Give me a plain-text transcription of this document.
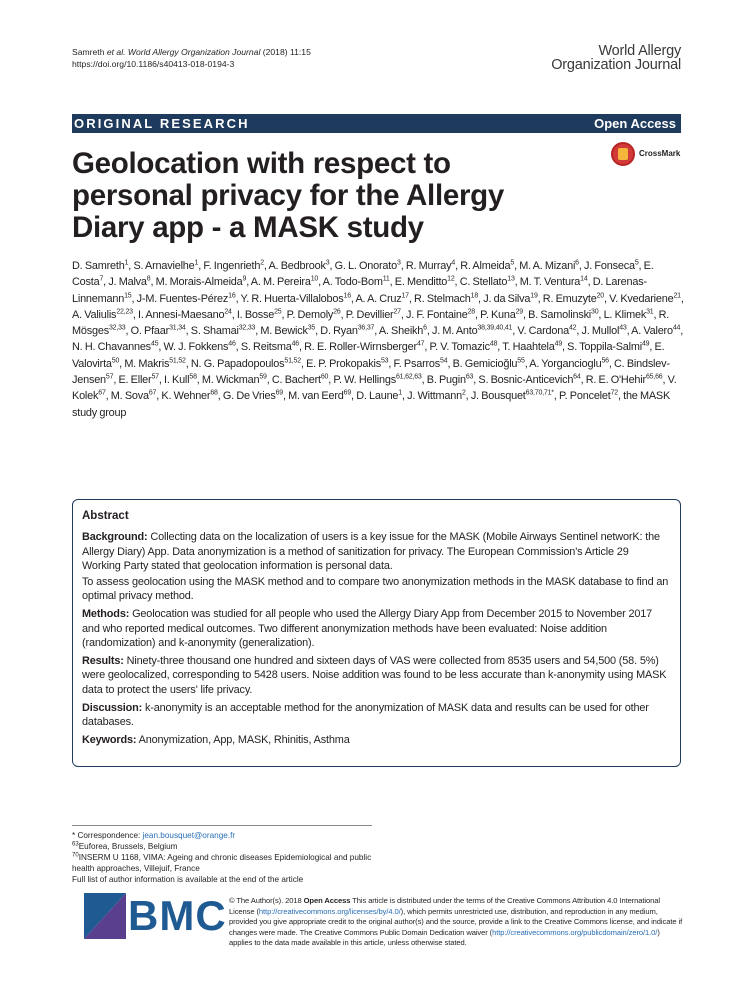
Samreth et al. World Allergy Organization Journal (2018) 11:15
https://doi.org/10.1186/s40413-018-0194-3
World Allergy
Organization Journal
ORIGINAL RESEARCH	Open Access
Geolocation with respect to personal privacy for the Allergy Diary app - a MASK study
CrossMark
D. Samreth$^1$, S. Arnavielhe$^1$, F. Ingenrieth$^2$, A. Bedbrook$^3$, G. L. Onorato$^3$, R. Murray$^4$, R. Almeida$^5$, M. A. Mizani$^6$, J. Fonseca$^5$, E. Costa$^7$, J. Malva$^8$, M. Morais-Almeida$^9$, A. M. Pereira$^{10}$, A. Todo-Bom$^{11}$, E. Menditto$^{12}$, C. Stellato$^{13}$, M. T. Ventura$^{14}$, D. Larenas-Linnemann$^{15}$, J-M. Fuentes-Pérez$^{16}$, Y. R. Huerta-Villalobos$^{16}$, A. A. Cruz$^{17}$, R. Stelmach$^{18}$, J. da Silva$^{19}$, R. Emuzyte$^{20}$, V. Kvedariene$^{21}$, A. Valiulis$^{22,23}$, I. Annesi-Maesano$^{24}$, I. Bosse$^{25}$, P. Demoly$^{26}$, P. Devillier$^{27}$, J. F. Fontaine$^{28}$, P. Kuna$^{29}$, B. Samolinski$^{30}$, L. Klimek$^{31}$, R. Mösges$^{32,33}$, O. Pfaar$^{31,34}$, S. Shamai$^{32,33}$, M. Bewick$^{35}$, D. Ryan$^{36,37}$, A. Sheikh$^6$, J. M. Anto$^{38,39,40,41}$, V. Cardona$^{42}$, J. Mullol$^{43}$, A. Valero$^{44}$, N. H. Chavannes$^{45}$, W. J. Fokkens$^{46}$, S. Reitsma$^{46}$, R. E. Roller-Wirnsberger$^{47}$, P. V. Tomazic$^{48}$, T. Haahtela$^{49}$, S. Toppila-Salmi$^{49}$, E. Valovirta$^{50}$, M. Makris$^{51,52}$, N. G. Papadopoulos$^{51,52}$, E. P. Prokopakis$^{53}$, F. Psarros$^{54}$, B. Gemicioğlu$^{55}$, A. Yorgancioglu$^{56}$, C. Bindslev-Jensen$^{57}$, E. Eller$^{57}$, I. Kull$^{58}$, M. Wickman$^{59}$, C. Bachert$^{60}$, P. W. Hellings$^{61,62,63}$, B. Pugin$^{63}$, S. Bosnic-Anticevich$^{64}$, R. E. O'Hehir$^{65,66}$, V. Kolek$^{67}$, M. Sova$^{67}$, K. Wehner$^{68}$, G. De Vries$^{69}$, M. van Eerd$^{69}$, D. Laune$^1$, J. Wittmann$^2$, J. Bousquet$^{63,70,71*}$, P. Poncelet$^{72}$, the MASK study group
Abstract

Background: Collecting data on the localization of users is a key issue for the MASK (Mobile Airways Sentinel networK: the Allergy Diary) App. Data anonymization is a method of sanitization for privacy. The European Commission's Article 29 Working Party stated that geolocation information is personal data.

To assess geolocation using the MASK method and to compare two anonymization methods in the MASK database to find an optimal privacy method.

Methods: Geolocation was studied for all people who used the Allergy Diary App from December 2015 to November 2017 and who reported medical outcomes. Two different anonymization methods have been evaluated: Noise addition (randomization) and k-anonymity (generalization).

Results: Ninety-three thousand one hundred and sixteen days of VAS were collected from 8535 users and 54,500 (58. 5%) were geolocalized, corresponding to 5428 users. Noise addition was found to be less accurate than k-anonymity using MASK data to protect the users' life privacy.

Discussion: k-anonymity is an acceptable method for the anonymization of MASK data and results can be used for other databases.

Keywords: Anonymization, App, MASK, Rhinitis, Asthma

* Correspondence: jean.bousquet@orange.fr
$^{63}$Euforea, Brussels, Belgium
$^{70}$INSERM U 1168, VIMA: Ageing and chronic diseases Epidemiological and public health approaches, Villejuif, France
Full list of author information is available at the end of the article
BMC © The Author(s). 2018 Open Access This article is distributed under the terms of the Creative Commons Attribution 4.0 International License (http://creativecommons.org/licenses/by/4.0/), which permits unrestricted use, distribution, and reproduction in any medium, provided you give appropriate credit to the original author(s) and the source, provide a link to the Creative Commons license, and indicate if changes were made. The Creative Commons Public Domain Dedication waiver (http://creativecommons.org/publicdomain/zero/1.0/) applies to the data made available in this article, unless otherwise stated.
